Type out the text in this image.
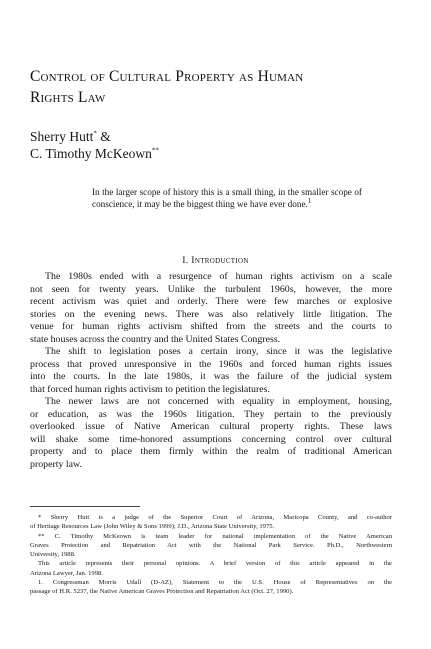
Control of Cultural Property as Human
Rights Law
Sherry Hutt* &
C. Timothy McKeown**
In the larger scope of history this is a small thing, in the smaller scope of conscience, it may be the biggest thing we have ever done.$^1$
I. Introduction
The 1980s ended with a resurgence of human rights activism on a scale
not seen for twenty years. Unlike the turbulent 1960s, however, the more
recent activism was quiet and orderly. There were few marches or explosive
stories on the evening news. There was also relatively little litigation. The
venue for human rights activism shifted from the streets and the courts to
state houses across the country and the United States Congress.
The shift to legislation poses a certain irony, since it was the legislative
process that proved unresponsive in the 1960s and forced human rights issues
into the courts. In the late 1980s, it was the failure of the judicial system
that forced human rights activism to petition the legislatures.
The newer laws are not concerned with equality in employment, housing,
or education, as was the 1960s litigation. They pertain to the previously
overlooked issue of Native American cultural property rights. These laws
will shake some time-honored assumptions concerning control over cultural
property and to place them firmly within the realm of traditional American
property law.
* Sherry Hutt is a judge of the Superior Court of Arizona, Maricopa County, and co-author
of Heritage Resources Law (John Wiley & Sons 1999); J.D., Arizona State University, 1975.
** C. Timothy McKeown is team leader for national implementation of the Native American
Graves Protection and Repatriation Act with the National Park Service. Ph.D., Northwestern
University, 1988.
This article represents their personal opinions. A brief version of this article appeared in the
Arizona Lawyer, Jan. 1998.
1. Congressman Morris Udall (D-AZ), Statement to the U.S. House of Representatives on the
passage of H.R. 5237, the Native American Graves Protection and Repatriation Act (Oct. 27, 1990).
